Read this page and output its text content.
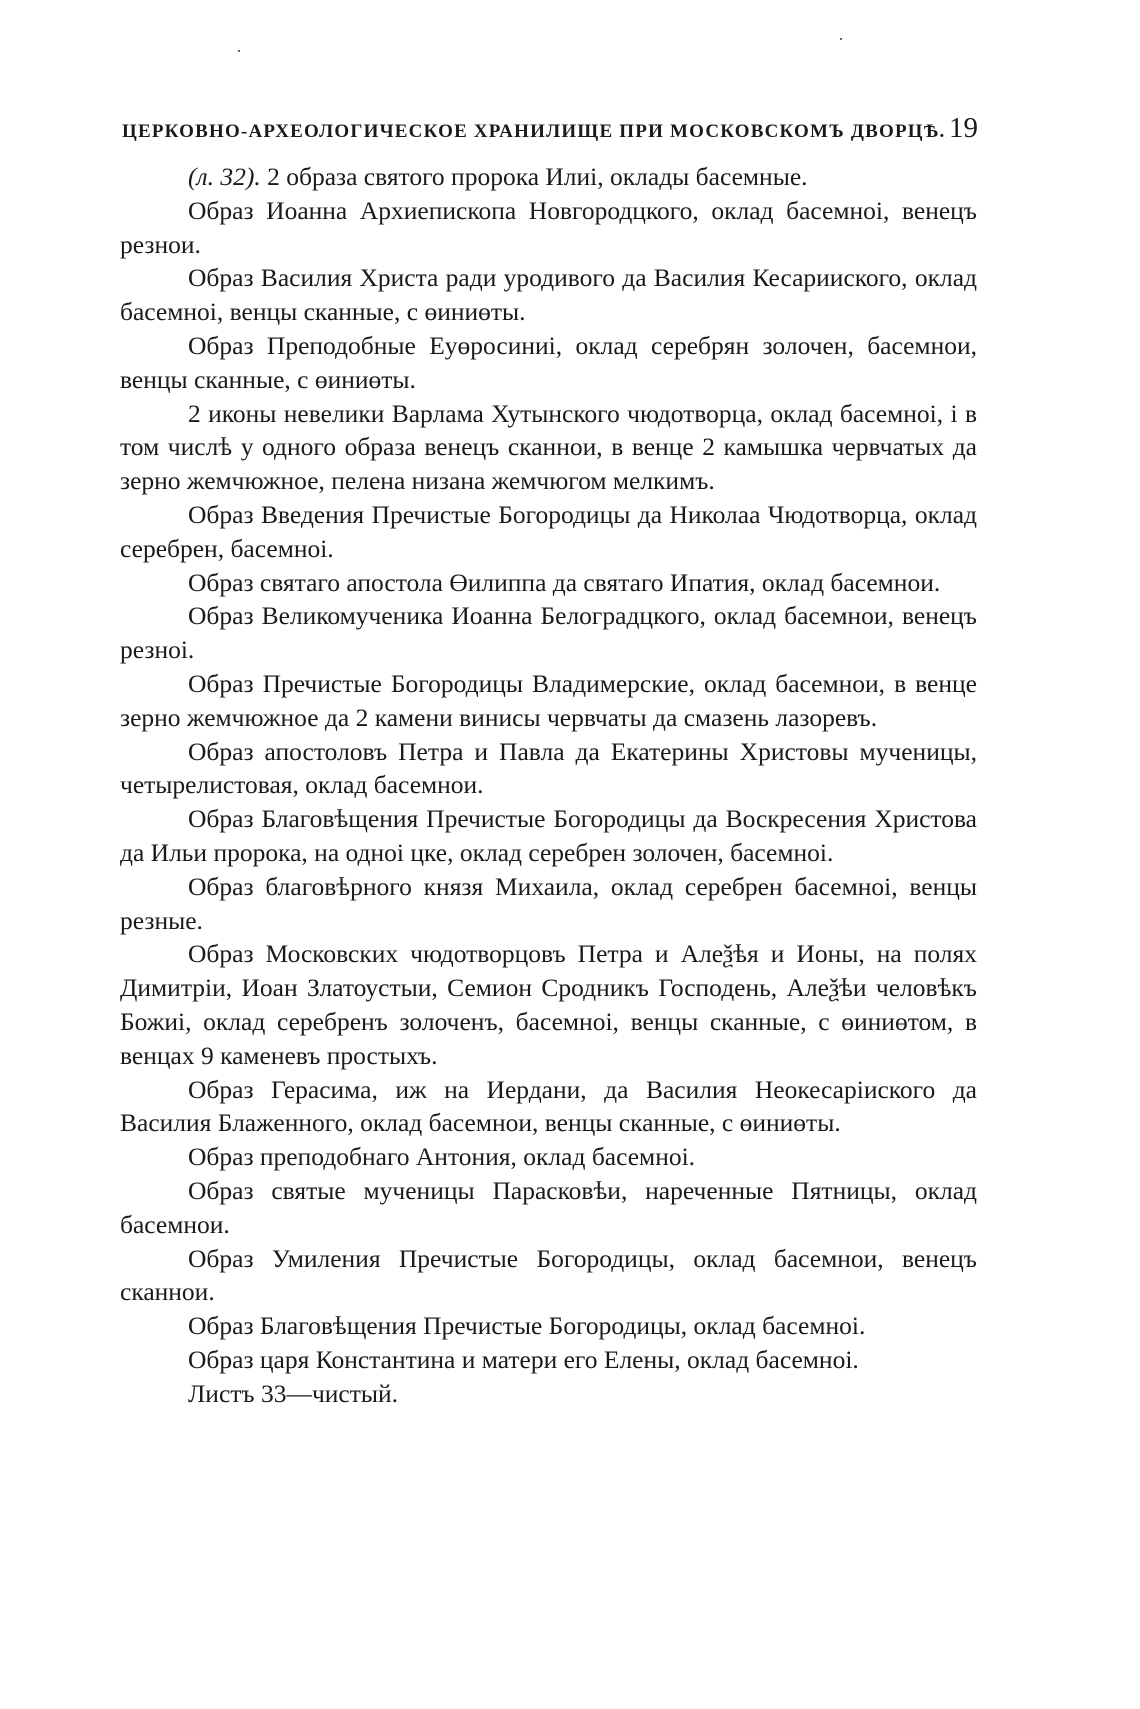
ЦЕРКОВНО-АРХЕОЛОГИЧЕСКОЕ ХРАНИЛИЩЕ ПРИ МОСКОВСКОМЪ ДВОРЦѢ. 19

(л. 32). 2 образа святого пророка Илиі, оклады басемные.

Образ Иоанна Архиепископа Новгородцкого, оклад басемноi, венецъ резнои.

Образ Василия Христа ради уродивого да Василия Кесарииского, оклад басемноi, венцы сканные, с өиниөты.

Образ Преподобные Еуөросиниi, оклад серебрян золочен, басемнои, венцы сканные, с өиниөты.

2 иконы невелики Варлама Хутынского чюдотворца, оклад басемноi, i в том числѣ у одного образа венецъ сканнои, в венце 2 камышка червчатых да зерно жемчюжное, пелена низана жемчюгом мелкимъ.

Образ Введения Пречистые Богородицы да Николаа Чюдотворца, оклад серебрен, басемноi.

Образ святаго апостола Өилиппа да святаго Ипатия, оклад басемнои.

Образ Великомученика Иоанна Белоградцкого, оклад басемнои, венецъ резноi.

Образ Пречистые Богородицы Владимерские, оклад басемнои, в венце зерно жемчюжное да 2 камени винисы червчаты да смазень лазоревъ.

Образ апостоловъ Петра и Павла да Екатерины Христовы мученицы, четырелистовая, оклад басемнои.

Образ Благовѣщения Пречистые Богородицы да Воскресения Христова да Ильи пророка, на одноi цке, оклад серебрен золочен, басемноi.

Образ благовѣрного князя Михаила, оклад серебрен басемноi, венцы резные.

Образ Московских чюдотворцовъ Петра и Алеѯѣя и Ионы, на полях Димитрiи, Иоан Златоустыи, Семион Сродникъ Господень, Алеѯѣи человѣкъ Божиi, оклад серебренъ золоченъ, басемноi, венцы сканные, с өиниөтом, в венцах 9 каменевъ простыхъ.

Образ Герасима, иж на Иердани, да Василия Неокесарiиского да Василия Блаженного, оклад басемнои, венцы сканные, с өиниөты.

Образ преподобнаго Антония, оклад басемноi.

Образ святые мученицы Парасковѣи, нареченные Пятницы, оклад басемнои.

Образ Умиления Пречистые Богородицы, оклад басемнои, венецъ сканнои.

Образ Благовѣщения Пречистые Богородицы, оклад басемноi.

Образ царя Константина и матери его Елены, оклад басемноi.

Листъ 33—чистый.
